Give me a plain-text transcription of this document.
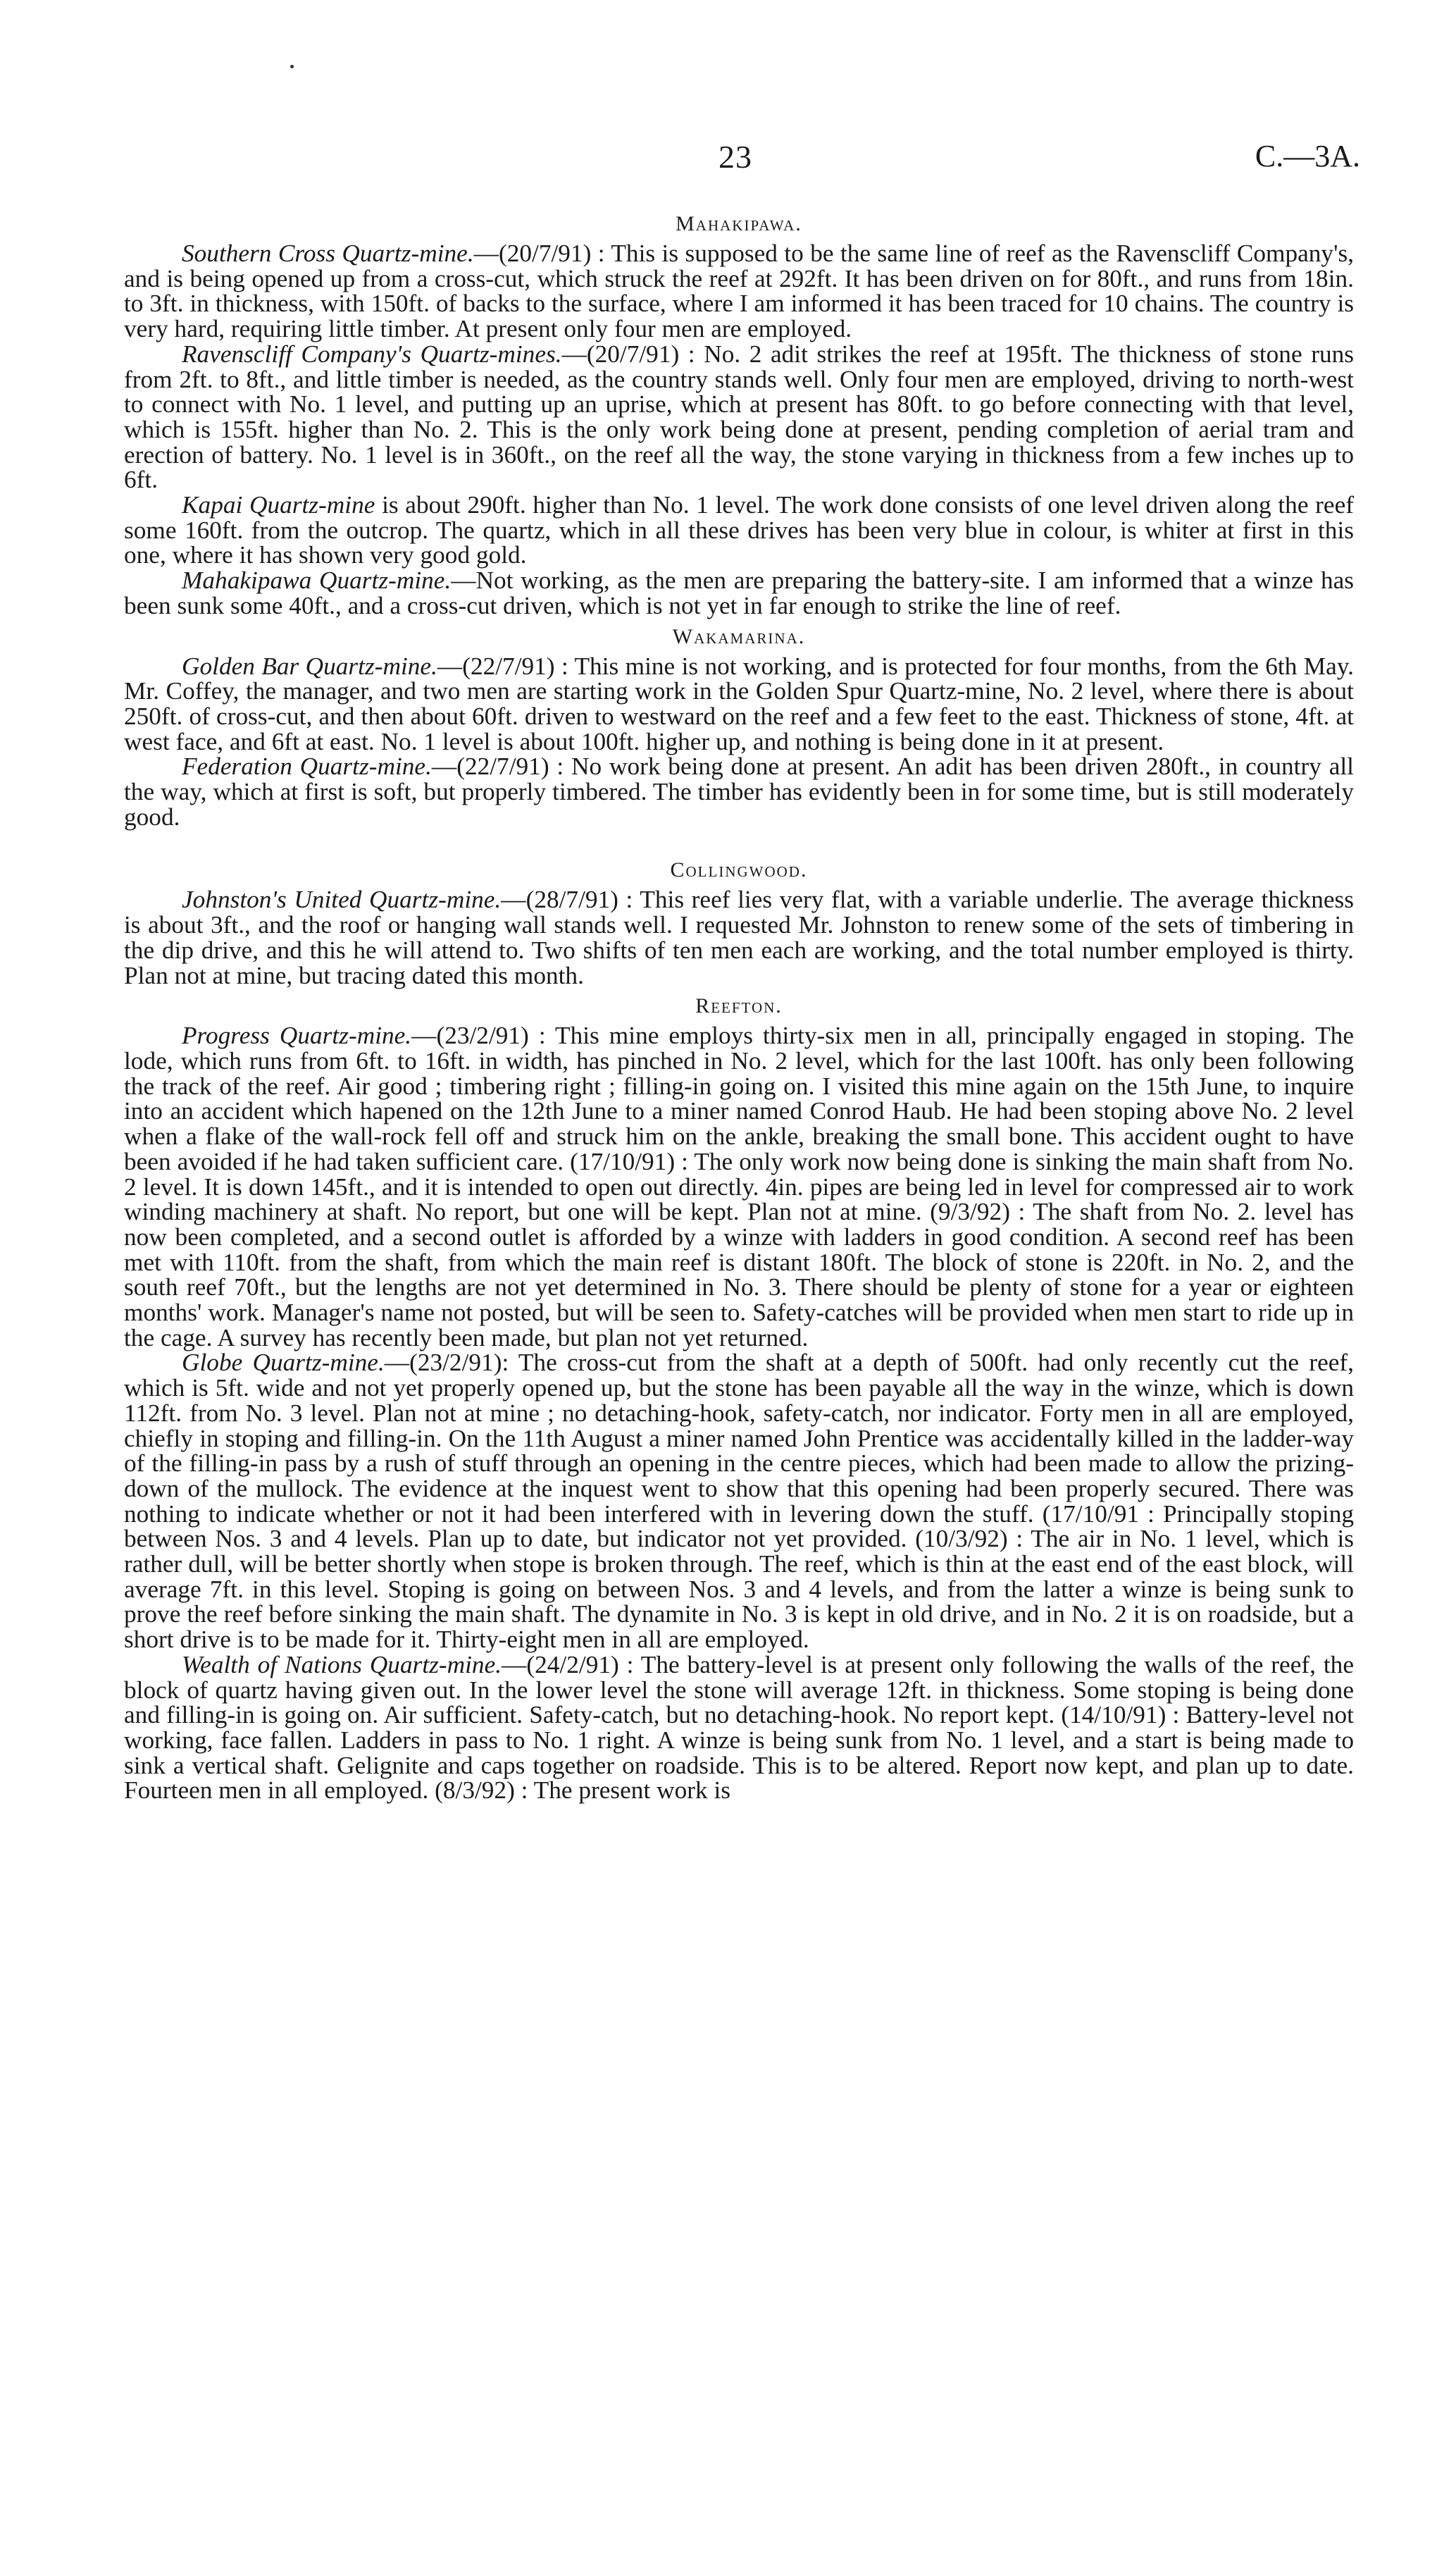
23	C.—3A.
Mahakipawa.

Southern Cross Quartz-mine.—(20/7/91) : This is supposed to be the same line of reef as the Ravenscliff Company's, and is being opened up from a cross-cut, which struck the reef at 292ft. It has been driven on for 80ft., and runs from 18in. to 3ft. in thickness, with 150ft. of backs to the surface, where I am informed it has been traced for 10 chains. The country is very hard, requiring little timber. At present only four men are employed.

Ravenscliff Company's Quartz-mines.—(20/7/91) : No. 2 adit strikes the reef at 195ft. The thickness of stone runs from 2ft. to 8ft., and little timber is needed, as the country stands well. Only four men are employed, driving to north-west to connect with No. 1 level, and putting up an uprise, which at present has 80ft. to go before connecting with that level, which is 155ft. higher than No. 2. This is the only work being done at present, pending completion of aerial tram and erection of battery. No. 1 level is in 360ft., on the reef all the way, the stone varying in thickness from a few inches up to 6ft.

Kapai Quartz-mine is about 290ft. higher than No. 1 level. The work done consists of one level driven along the reef some 160ft. from the outcrop. The quartz, which in all these drives has been very blue in colour, is whiter at first in this one, where it has shown very good gold.

Mahakipawa Quartz-mine.—Not working, as the men are preparing the battery-site. I am informed that a winze has been sunk some 40ft., and a cross-cut driven, which is not yet in far enough to strike the line of reef.

Wakamarina.

Golden Bar Quartz-mine.—(22/7/91) : This mine is not working, and is protected for four months, from the 6th May. Mr. Coffey, the manager, and two men are starting work in the Golden Spur Quartz-mine, No. 2 level, where there is about 250ft. of cross-cut, and then about 60ft. driven to westward on the reef and a few feet to the east. Thickness of stone, 4ft. at west face, and 6ft at east. No. 1 level is about 100ft. higher up, and nothing is being done in it at present.

Federation Quartz-mine.—(22/7/91) : No work being done at present. An adit has been driven 280ft., in country all the way, which at first is soft, but properly timbered. The timber has evidently been in for some time, but is still moderately good.

Collingwood.

Johnston's United Quartz-mine.—(28/7/91) : This reef lies very flat, with a variable underlie. The average thickness is about 3ft., and the roof or hanging wall stands well. I requested Mr. Johnston to renew some of the sets of timbering in the dip drive, and this he will attend to. Two shifts of ten men each are working, and the total number employed is thirty. Plan not at mine, but tracing dated this month.

Reefton.

Progress Quartz-mine.—(23/2/91) : This mine employs thirty-six men in all, principally engaged in stoping. The lode, which runs from 6ft. to 16ft. in width, has pinched in No. 2 level, which for the last 100ft. has only been following the track of the reef. Air good ; timbering right ; filling-in going on. I visited this mine again on the 15th June, to inquire into an accident which hapened on the 12th June to a miner named Conrod Haub. He had been stoping above No. 2 level when a flake of the wall-rock fell off and struck him on the ankle, breaking the small bone. This accident ought to have been avoided if he had taken sufficient care. (17/10/91) : The only work now being done is sinking the main shaft from No. 2 level. It is down 145ft., and it is intended to open out directly. 4in. pipes are being led in level for compressed air to work winding machinery at shaft. No report, but one will be kept. Plan not at mine. (9/3/92) : The shaft from No. 2. level has now been completed, and a second outlet is afforded by a winze with ladders in good condition. A second reef has been met with 110ft. from the shaft, from which the main reef is distant 180ft. The block of stone is 220ft. in No. 2, and the south reef 70ft., but the lengths are not yet determined in No. 3. There should be plenty of stone for a year or eighteen months' work. Manager's name not posted, but will be seen to. Safety-catches will be provided when men start to ride up in the cage. A survey has recently been made, but plan not yet returned.

Globe Quartz-mine.—(23/2/91): The cross-cut from the shaft at a depth of 500ft. had only recently cut the reef, which is 5ft. wide and not yet properly opened up, but the stone has been payable all the way in the winze, which is down 112ft. from No. 3 level. Plan not at mine ; no detaching-hook, safety-catch, nor indicator. Forty men in all are employed, chiefly in stoping and filling-in. On the 11th August a miner named John Prentice was accidentally killed in the ladder-way of the filling-in pass by a rush of stuff through an opening in the centre pieces, which had been made to allow the prizing-down of the mullock. The evidence at the inquest went to show that this opening had been properly secured. There was nothing to indicate whether or not it had been interfered with in levering down the stuff. (17/10/91 : Principally stoping between Nos. 3 and 4 levels. Plan up to date, but indicator not yet provided. (10/3/92) : The air in No. 1 level, which is rather dull, will be better shortly when stope is broken through. The reef, which is thin at the east end of the east block, will average 7ft. in this level. Stoping is going on between Nos. 3 and 4 levels, and from the latter a winze is being sunk to prove the reef before sinking the main shaft. The dynamite in No. 3 is kept in old drive, and in No. 2 it is on roadside, but a short drive is to be made for it. Thirty-eight men in all are employed.

Wealth of Nations Quartz-mine.—(24/2/91) : The battery-level is at present only following the walls of the reef, the block of quartz having given out. In the lower level the stone will average 12ft. in thickness. Some stoping is being done and filling-in is going on. Air sufficient. Safety-catch, but no detaching-hook. No report kept. (14/10/91) : Battery-level not working, face fallen. Ladders in pass to No. 1 right. A winze is being sunk from No. 1 level, and a start is being made to sink a vertical shaft. Gelignite and caps together on roadside. This is to be altered. Report now kept, and plan up to date. Fourteen men in all employed. (8/3/92) : The present work is
